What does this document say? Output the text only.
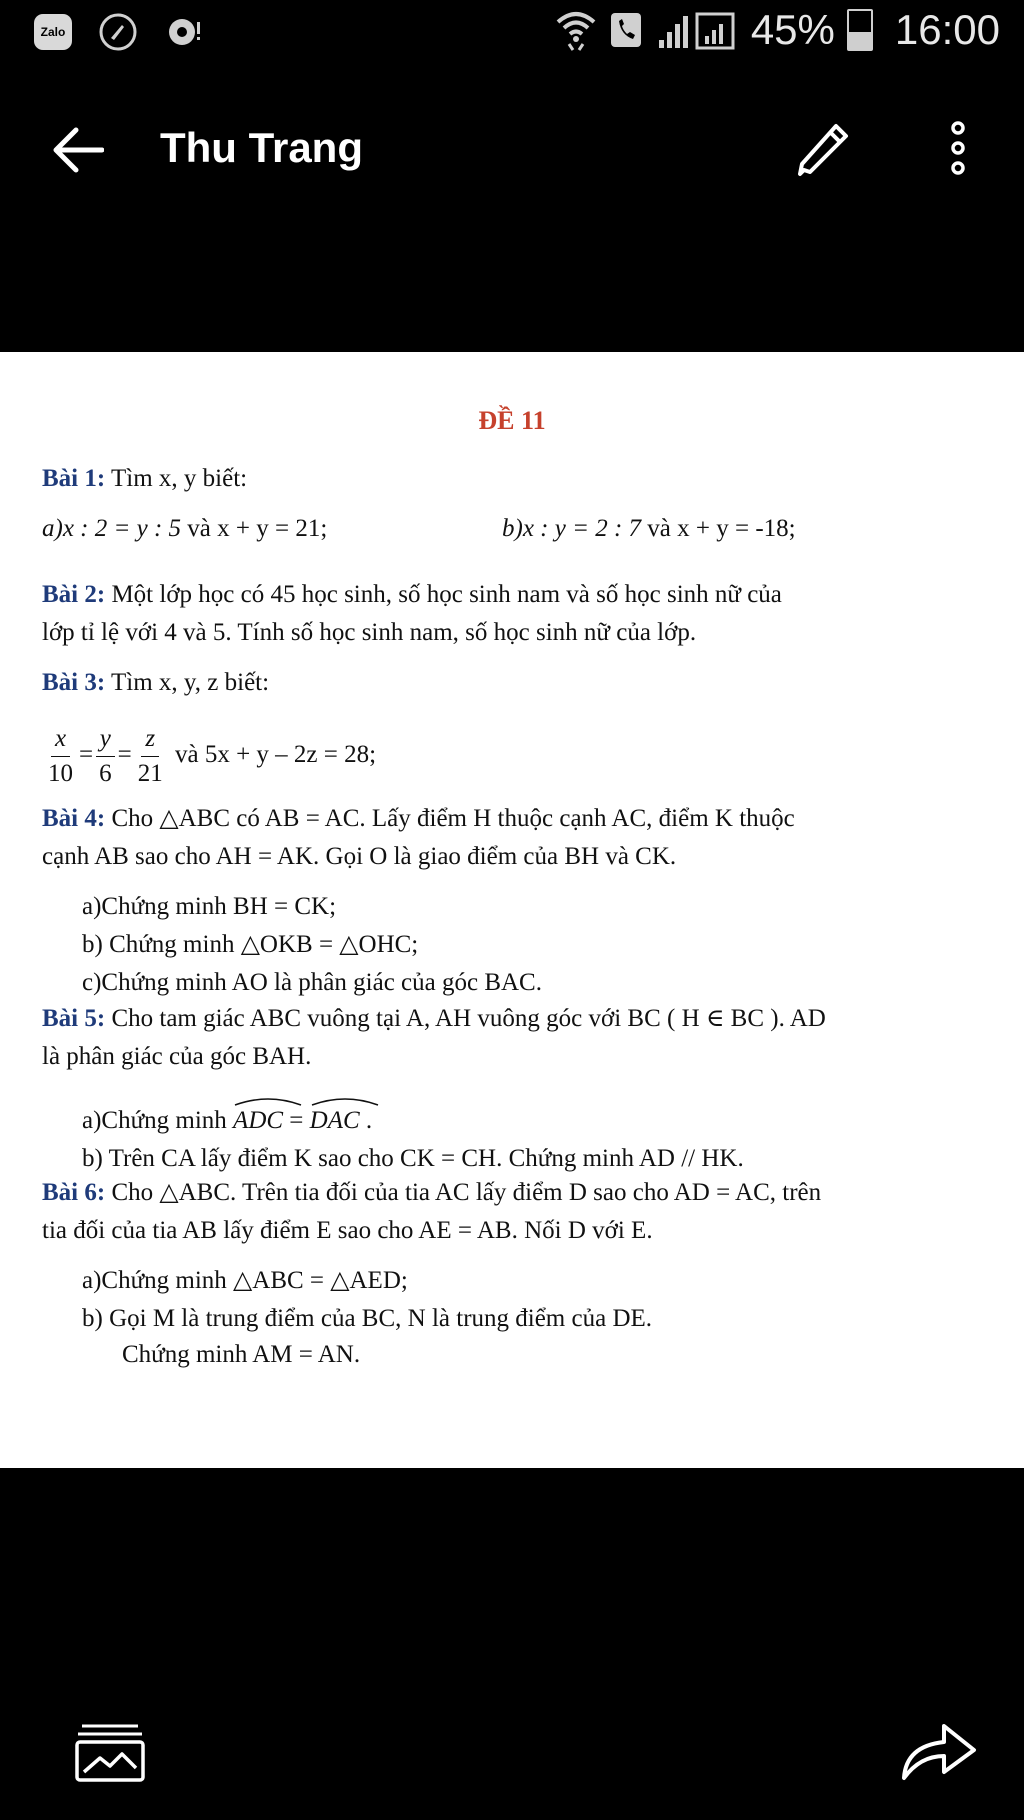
Zalo	45% 16:00
Thu Trang
ĐỀ 11
Bài 1: Tìm x, y biết:
a)x : 2 = y : 5 và x + y = 21;	b)x : y = 2 : 7 và x + y = -18;
Bài 2: Một lớp học có 45 học sinh, số học sinh nam và số học sinh nữ của
lớp tỉ lệ với 4 và 5. Tính số học sinh nam, số học sinh nữ của lớp.
Bài 3: Tìm x, y, z biết:
$\frac{x}{10} = \frac{y}{6} = \frac{z}{21}$ và 5x + y – 2z = 28;
Bài 4: Cho △ABC có AB = AC. Lấy điểm H thuộc cạnh AC, điểm K thuộc
cạnh AB sao cho AH = AK. Gọi O là giao điểm của BH và CK.
a)Chứng minh BH = CK;
b) Chứng minh △OKB = △OHC;
c)Chứng minh AO là phân giác của góc BAC.
Bài 5: Cho tam giác ABC vuông tại A, AH vuông góc với BC ( H ∈ BC ). AD
là phân giác của góc BAH.
a)Chứng minh
ADC =
DAC .
b) Trên CA lấy điểm K sao cho CK = CH. Chứng minh AD // HK.
Bài 6: Cho △ABC. Trên tia đối của tia AC lấy điểm D sao cho AD = AC, trên
tia đối của tia AB lấy điểm E sao cho AE = AB. Nối D với E.
a)Chứng minh △ABC = △AED;
b) Gọi M là trung điểm của BC, N là trung điểm của DE.
Chứng minh AM = AN.
